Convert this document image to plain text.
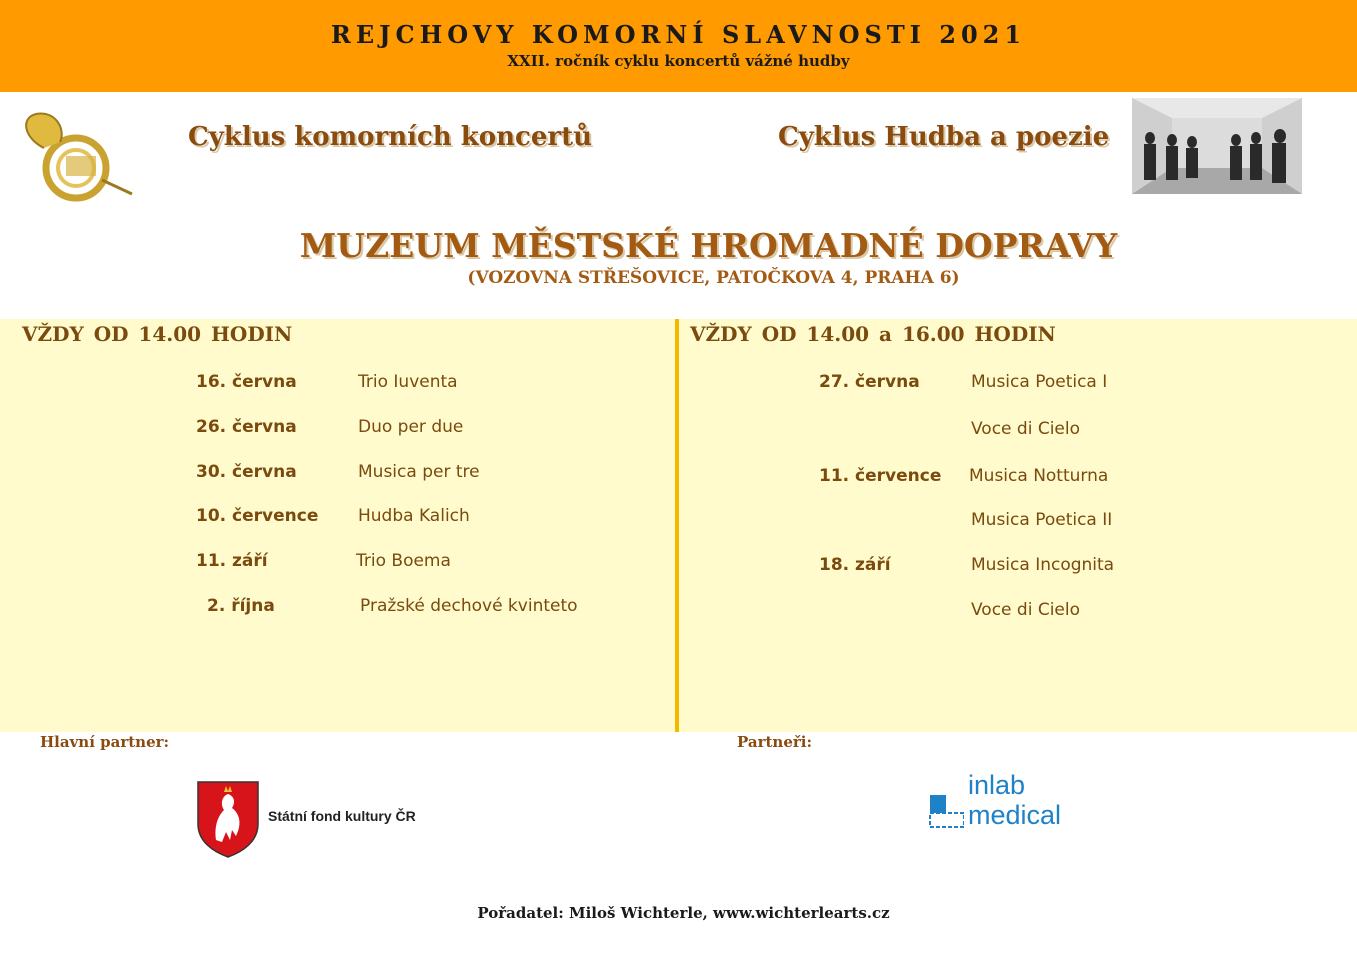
REJCHOVY KOMORNÍ SLAVNOSTI 2021
XXII. ročník cyklu koncertů vážné hudby
Cyklus komorních koncertů	Cyklus Hudba a poezie
MUZEUM MĚSTSKÉ HROMADNÉ DOPRAVY
(VOZOVNA STŘEŠOVICE, PATOČKOVA 4, PRAHA 6)
VŽDY OD 14.00 HODIN	VŽDY OD 14.00 a 16.00 HODIN
16. června	Trio Iuventa
26. června	Duo per due
30. června	Musica per tre
10. července Hudba Kalich
11. září	Trio Boema
2. října	Pražské dechové kvinteto
27. června	Musica Poetica I
Voce di Cielo
11. července Musica Notturna
Musica Poetica II
18. září	Musica Incognita
Voce di Cielo
Hlavní partner:	Partneři:
Státní fond kultury ČR
inlab
medical
Pořadatel: Miloš Wichterle, www.wichterlearts.cz
